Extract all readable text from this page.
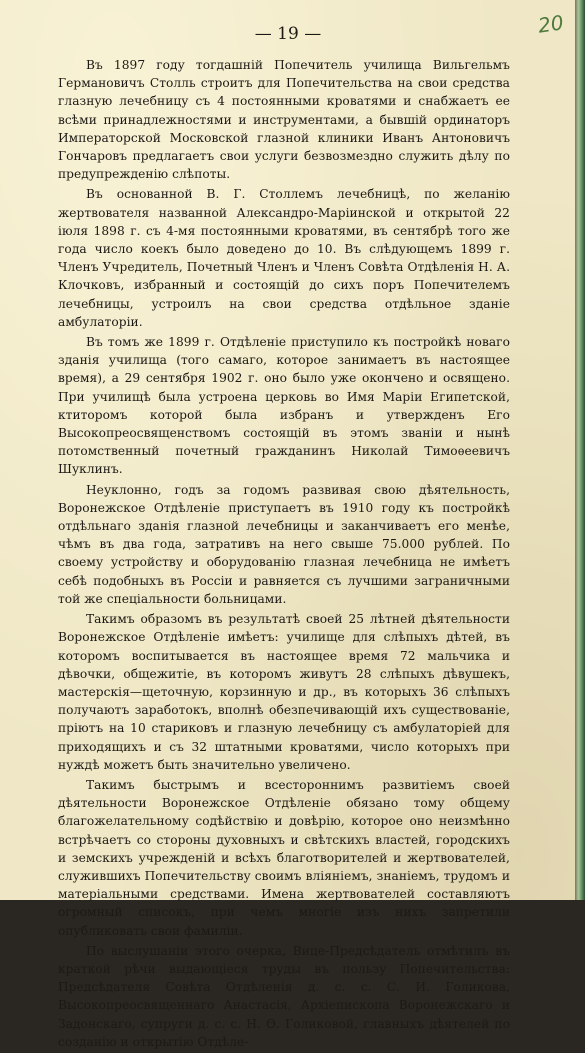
— 19 —	20

Въ 1897 году тогдашній Попечитель училища Вильгельмъ Германовичъ Столль строитъ для Попечительства на свои средства глазную лечебницу съ 4 постоянными кроватями и снабжаетъ ее всѣми принадлежностями и инструментами, а бывшій ординаторъ Императорской Московской глазной клиники Иванъ Антоновичъ Гончаровъ предлагаетъ свои услуги безвозмездно служить дѣлу по предупрежденію слѣпоты.

Въ основанной В. Г. Столлемъ лечебницѣ, по желанію жертвователя названной Александро-Маріинской и открытой 22 іюля 1898 г. съ 4-мя постоянными кроватями, въ сентябрѣ того же года число коекъ было доведено до 10. Въ слѣдующемъ 1899 г. Членъ Учредитель, Почетный Членъ и Членъ Совѣта Отдѣленія Н. А. Клочковъ, избранный и состоящій до сихъ поръ Попечителемъ лечебницы, устроилъ на свои средства отдѣльное зданіе амбулаторіи.

Въ томъ же 1899 г. Отдѣленіе приступило къ постройкѣ новаго зданія училища (того самаго, которое занимаетъ въ настоящее время), а 29 сентября 1902 г. оно было уже окончено и освящено. При училищѣ была устроена церковь во Имя Маріи Египетской, ктиторомъ которой была избранъ и утвержденъ Его Высокопреосвященствомъ состоящій въ этомъ званіи и нынѣ потомственный почетный гражданинъ Николай Тимоѳеевичъ Шуклинъ.

Неуклонно, годъ за годомъ развивая свою дѣятельность, Воронежское Отдѣленіе приступаетъ въ 1910 году къ постройкѣ отдѣльнаго зданія глазной лечебницы и заканчиваетъ его менѣе, чѣмъ въ два года, затративъ на него свыше 75.000 рублей. По своему устройству и оборудованію глазная лечебница не имѣетъ себѣ подобныхъ въ Россіи и равняется съ лучшими заграничными той же спеціальности больницами.

Такимъ образомъ въ результатѣ своей 25 лѣтней дѣятельности Воронежское Отдѣленіе имѣетъ: училище для слѣпыхъ дѣтей, въ которомъ воспитывается въ настоящее время 72 мальчика и дѣвочки, общежитіе, въ которомъ живутъ 28 слѣпыхъ дѣвушекъ, мастерскія—щеточную, корзинную и др., въ которыхъ 36 слѣпыхъ получаютъ заработокъ, вполнѣ обезпечивающій ихъ существованіе, пріютъ на 10 стариковъ и глазную лечебницу съ амбулаторіей для приходящихъ и съ 32 штатными кроватями, число которыхъ при нуждѣ можетъ быть значительно увеличено.

Такимъ быстрымъ и всестороннимъ развитіемъ своей дѣятельности Воронежское Отдѣленіе обязано тому общему благожелательному содѣйствію и довѣрію, которое оно неизмѣнно встрѣчаетъ со стороны духовныхъ и свѣтскихъ властей, городскихъ и земскихъ учрежденій и всѣхъ благотворителей и жертвователей, служившихъ Попечительству своимъ вліяніемъ, знаніемъ, трудомъ и матеріальными средствами. Имена жертвователей составляютъ огромный списокъ, при чемъ многіе изъ нихъ запретили опубликовать свои фамиліи.

По выслушаніи этого очерка, Вице-Предсѣдатель отмѣтилъ въ краткой рѣчи выдающіеся труды въ пользу Попечительства: Предсѣдателя Совѣта Отдѣленія д. с. с. С. И. Голикова, Высокопреосвященнаго Анастасія, Архіепископа Воронежскаго и Задонскаго, супруги д. с. с. Н. Ѳ. Голиковой, главныхъ дѣятелей по созданію и открытію Отдѣле-
